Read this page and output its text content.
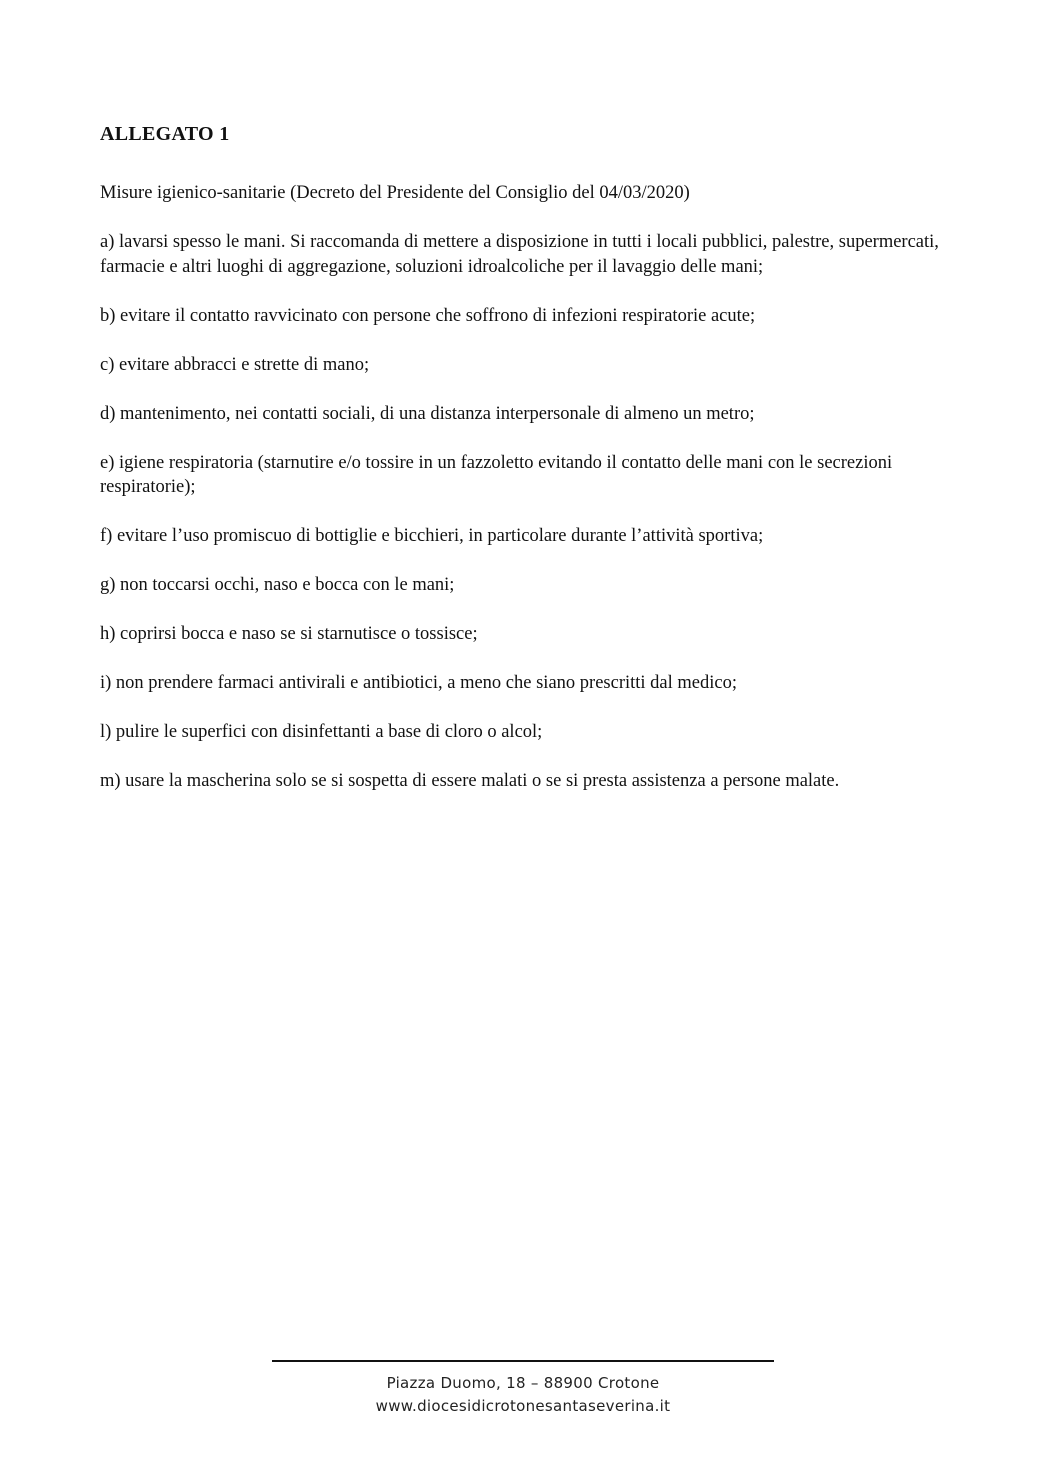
ALLEGATO 1
Misure igienico-sanitarie (Decreto del Presidente del Consiglio del 04/03/2020)
a) lavarsi spesso le mani. Si raccomanda di mettere a disposizione in tutti i locali pubblici, palestre, supermercati, farmacie e altri luoghi di aggregazione, soluzioni idroalcoliche per il lavaggio delle mani;
b) evitare il contatto ravvicinato con persone che soffrono di infezioni respiratorie acute;
c) evitare abbracci e strette di mano;
d) mantenimento, nei contatti sociali, di una distanza interpersonale di almeno un metro;
e) igiene respiratoria (starnutire e/o tossire in un fazzoletto evitando il contatto delle mani con le secrezioni respiratorie);
f) evitare l’uso promiscuo di bottiglie e bicchieri, in particolare durante l’attività sportiva;
g) non toccarsi occhi, naso e bocca con le mani;
h) coprirsi bocca e naso se si starnutisce o tossisce;
i) non prendere farmaci antivirali e antibiotici, a meno che siano prescritti dal medico;
l) pulire le superfici con disinfettanti a base di cloro o alcol;
m) usare la mascherina solo se si sospetta di essere malati o se si presta assistenza a persone malate.
Piazza Duomo, 18 – 88900 Crotone
www.diocesidicrotonesantaseverina.it
